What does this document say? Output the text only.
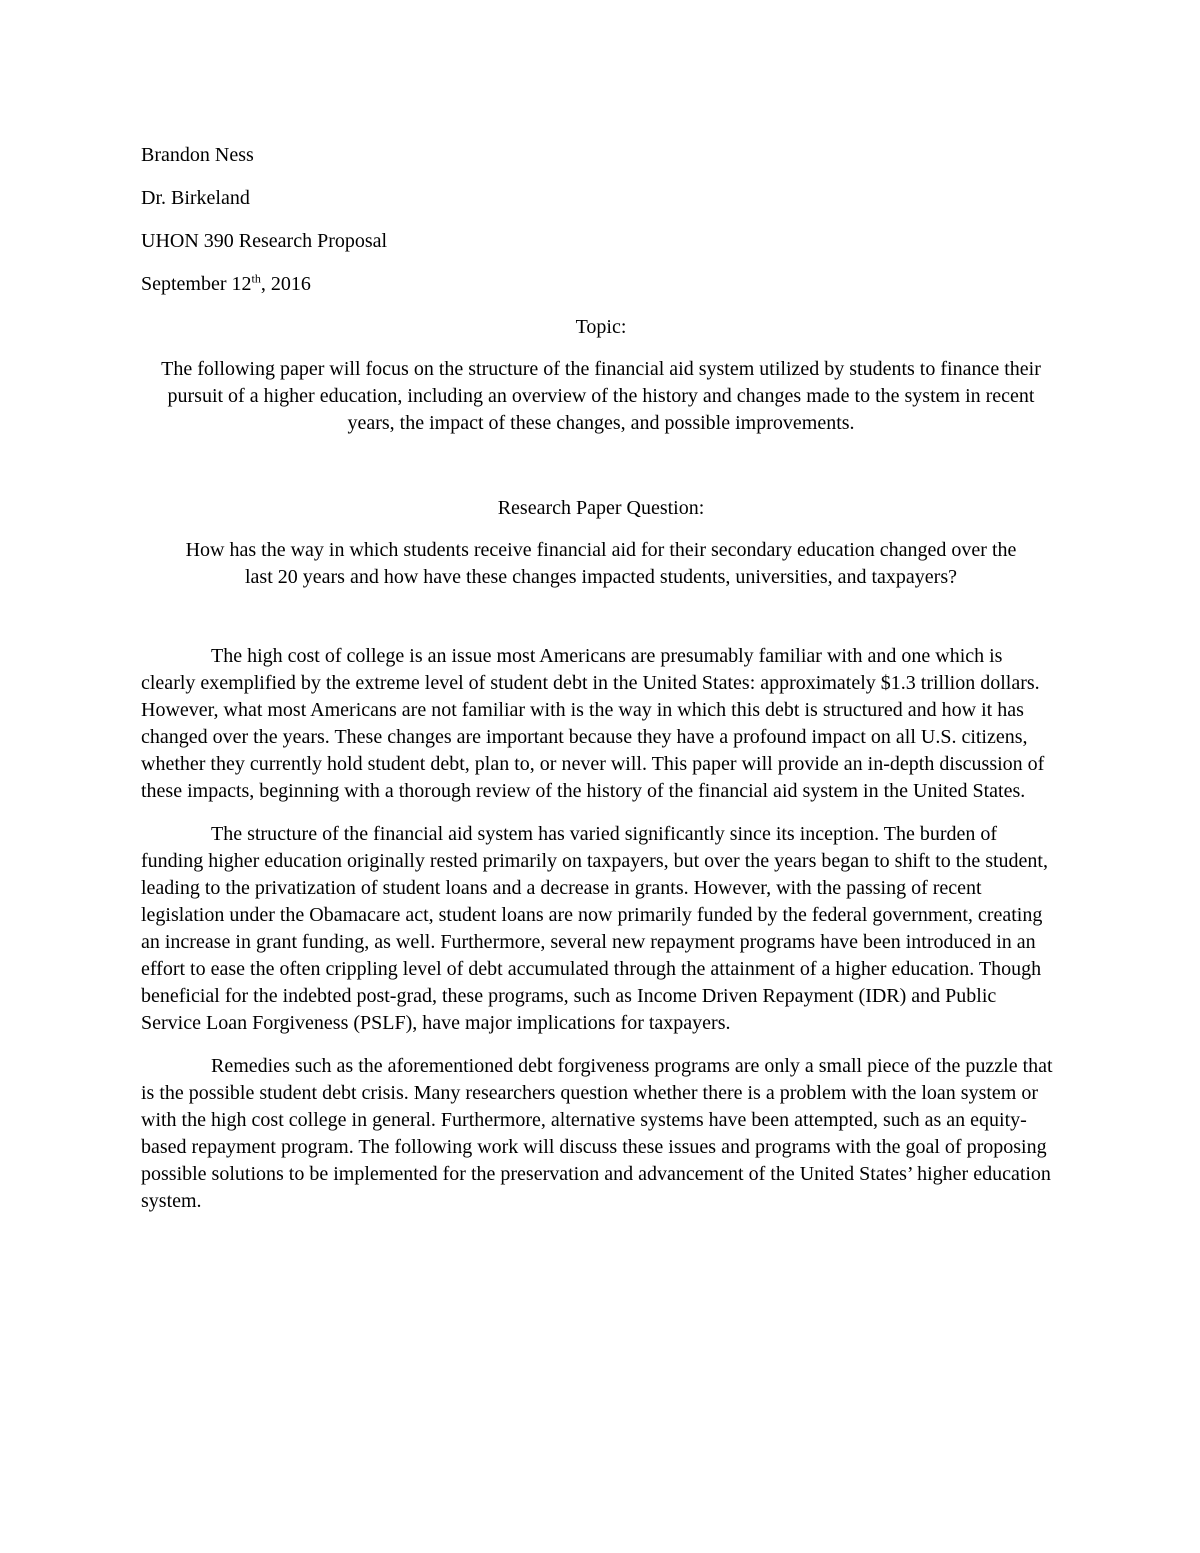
Brandon Ness
Dr. Birkeland
UHON 390 Research Proposal
September 12th, 2016

Topic:

The following paper will focus on the structure of the financial aid system utilized by students to finance their pursuit of a higher education, including an overview of the history and changes made to the system in recent years, the impact of these changes, and possible improvements.

Research Paper Question:

How has the way in which students receive financial aid for their secondary education changed over the last 20 years and how have these changes impacted students, universities, and taxpayers?

The high cost of college is an issue most Americans are presumably familiar with and one which is clearly exemplified by the extreme level of student debt in the United States: approximately $1.3 trillion dollars. However, what most Americans are not familiar with is the way in which this debt is structured and how it has changed over the years. These changes are important because they have a profound impact on all U.S. citizens, whether they currently hold student debt, plan to, or never will. This paper will provide an in-depth discussion of these impacts, beginning with a thorough review of the history of the financial aid system in the United States.

The structure of the financial aid system has varied significantly since its inception. The burden of funding higher education originally rested primarily on taxpayers, but over the years began to shift to the student, leading to the privatization of student loans and a decrease in grants. However, with the passing of recent legislation under the Obamacare act, student loans are now primarily funded by the federal government, creating an increase in grant funding, as well. Furthermore, several new repayment programs have been introduced in an effort to ease the often crippling level of debt accumulated through the attainment of a higher education. Though beneficial for the indebted post-grad, these programs, such as Income Driven Repayment (IDR) and Public Service Loan Forgiveness (PSLF), have major implications for taxpayers.

Remedies such as the aforementioned debt forgiveness programs are only a small piece of the puzzle that is the possible student debt crisis. Many researchers question whether there is a problem with the loan system or with the high cost college in general. Furthermore, alternative systems have been attempted, such as an equity-based repayment program. The following work will discuss these issues and programs with the goal of proposing possible solutions to be implemented for the preservation and advancement of the United States’ higher education system.
